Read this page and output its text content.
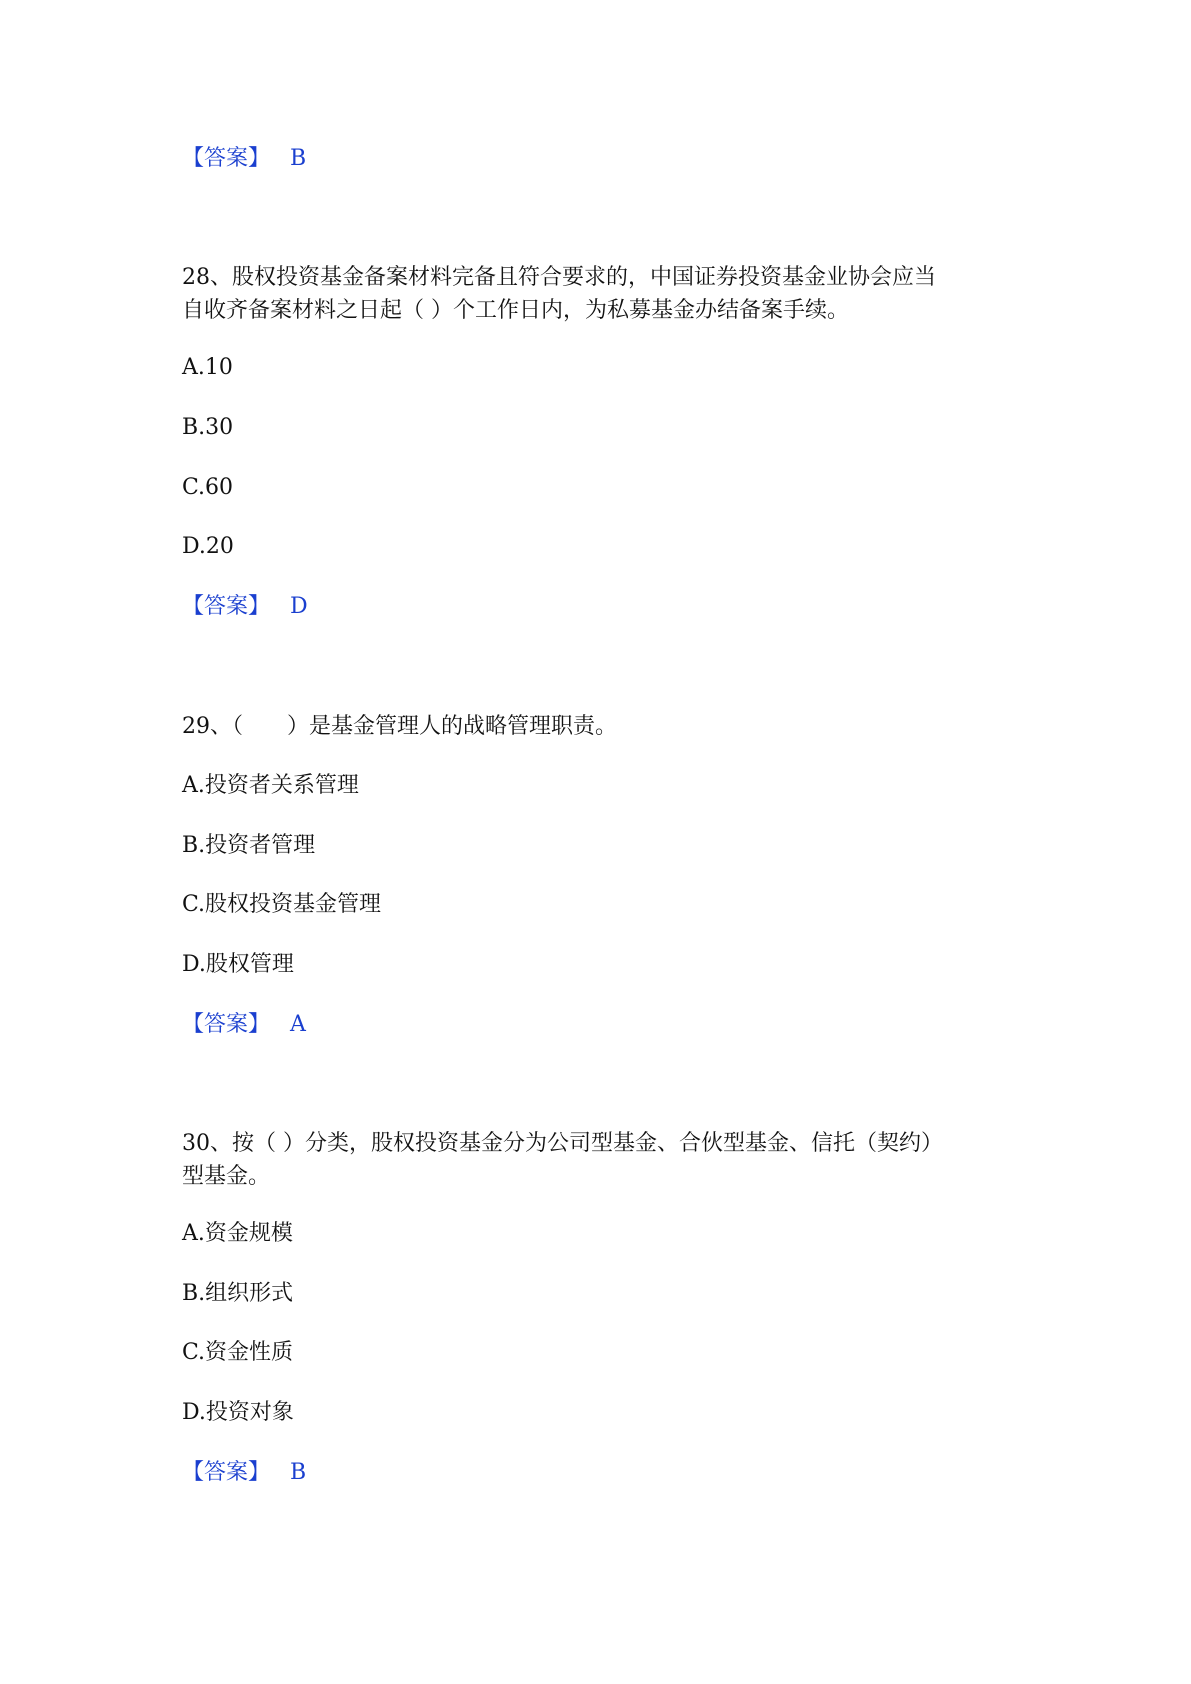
【答案】 B
28、股权投资基金备案材料完备且符合要求的，中国证券投资基金业协会应当
自收齐备案材料之日起（ ）个工作日内，为私募基金办结备案手续。
A.10
B.30
C.60
D.20
【答案】 D
29、（　　）是基金管理人的战略管理职责。
A.投资者关系管理
B.投资者管理
C.股权投资基金管理
D.股权管理
【答案】 A
30、按（ ）分类，股权投资基金分为公司型基金、合伙型基金、信托（契约）
型基金。
A.资金规模
B.组织形式
C.资金性质
D.投资对象
【答案】 B
